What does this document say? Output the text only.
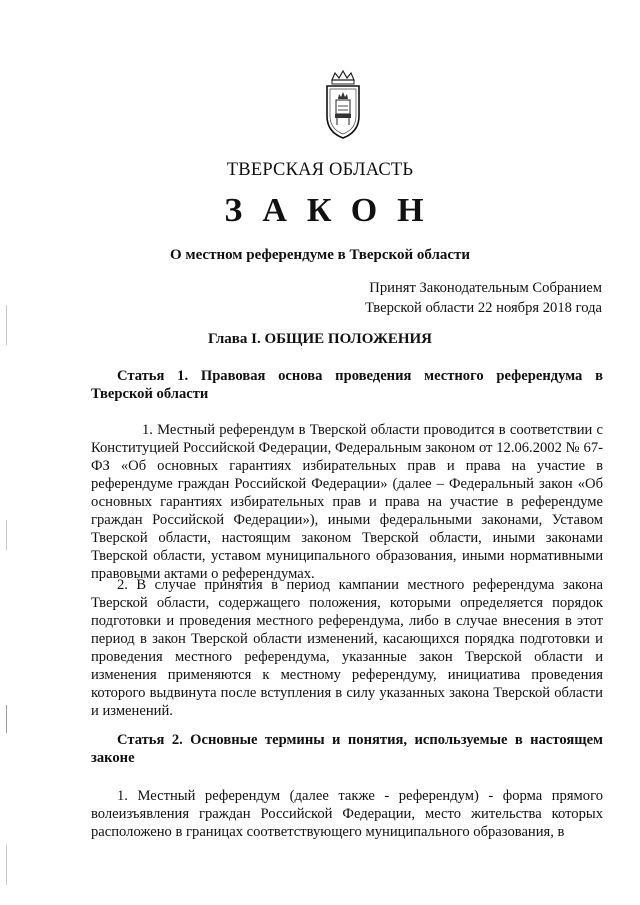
ТВЕРСКАЯ ОБЛАСТЬ
ЗАКОН
О местном референдуме в Тверской области
Принят Законодательным Собранием
Тверской области 22 ноября 2018 года
Глава I. ОБЩИЕ ПОЛОЖЕНИЯ
Статья 1. Правовая основа проведения местного референдума в Тверской области
1. Местный референдум в Тверской области проводится в соответствии с Конституцией Российской Федерации, Федеральным законом от 12.06.2002 № 67-ФЗ «Об основных гарантиях избирательных прав и права на участие в референдуме граждан Российской Федерации» (далее – Федеральный закон «Об основных гарантиях избирательных прав и права на участие в референдуме граждан Российской Федерации»), иными федеральными законами, Уставом Тверской области, настоящим законом Тверской области, иными законами Тверской области, уставом муниципального образования, иными нормативными правовыми актами о референдумах.
2. В случае принятия в период кампании местного референдума закона Тверской области, содержащего положения, которыми определяется порядок подготовки и проведения местного референдума, либо в случае внесения в этот период в закон Тверской области изменений, касающихся порядка подготовки и проведения местного референдума, указанные закон Тверской области и изменения применяются к местному референдуму, инициатива проведения которого выдвинута после вступления в силу указанных закона Тверской области и изменений.
Статья 2. Основные термины и понятия, используемые в настоящем законе
1. Местный референдум (далее также - референдум) - форма прямого волеизъявления граждан Российской Федерации, место жительства которых расположено в границах соответствующего муниципального образования, в
